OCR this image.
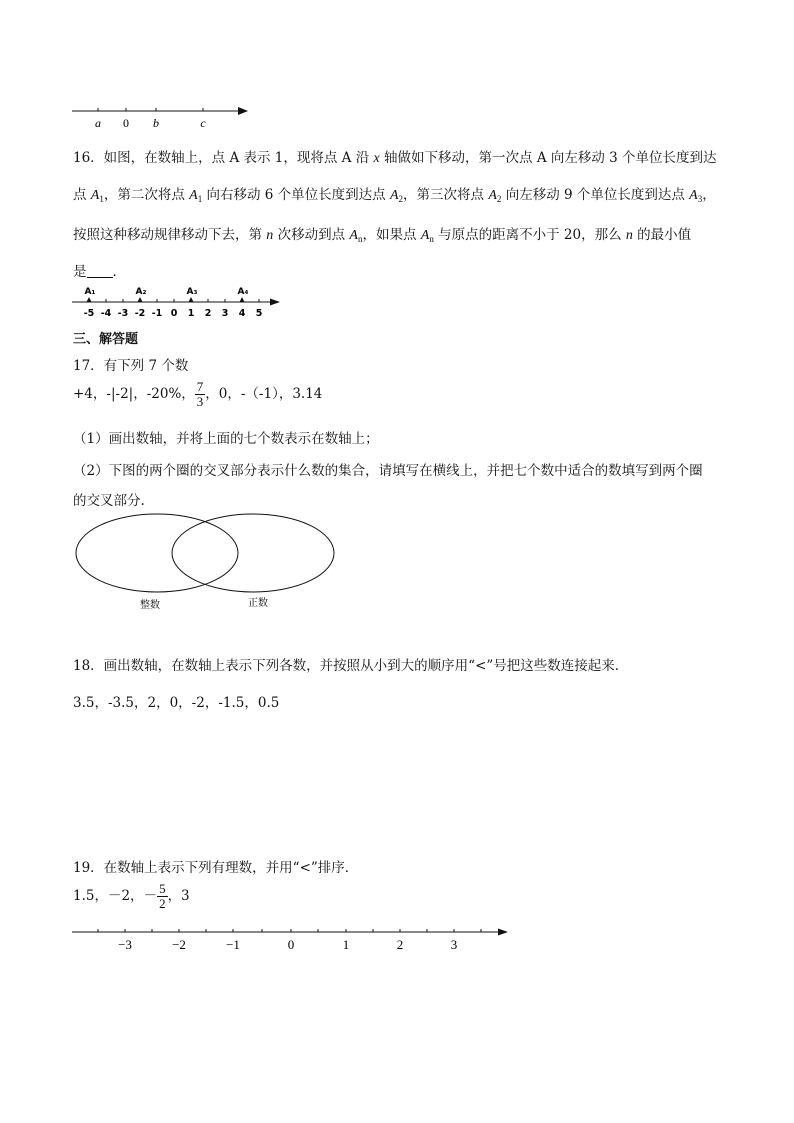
a 0 b	c
16．如图，在数轴上，点 A 表示 1，现将点 A 沿 x 轴做如下移动，第一次点 A 向左移动 3 个单位长度到达
点 $A_1$，第二次将点 $A_1$ 向右移动 6 个单位长度到达点 $A_2$，第三次将点 $A_2$ 向左移动 9 个单位长度到达点 $A_3$，
按照这种移动规律移动下去，第 n 次移动到点 $A_n$，如果点 $A_n$ 与原点的距离不小于 20，那么 n 的最小值
是 ．
-5 -4 -3 -2 -1 0 1 2 3 4 5
A₁	A₂	A₃	A₄
三、解答题
17．有下列 7 个数
+4，-|-2|，-20%， $\frac{7}{3}$ ，0，-（-1），3.14
（1）画出数轴，并将上面的七个数表示在数轴上；
（2）下图的两个圈的交叉部分表示什么数的集合，请填写在横线上，并把七个数中适合的数填写到两个圈
的交叉部分.
整数	正数
18．画出数轴，在数轴上表示下列各数，并按照从小到大的顺序用“<”号把这些数连接起来．
3.5，-3.5，2，0，-2，-1.5，0.5
19．在数轴上表示下列有理数，并用“<”排序．
1.5，－2，－ $\frac{5}{2}$ ，3
−3	−2	−1	0	1	2	3
